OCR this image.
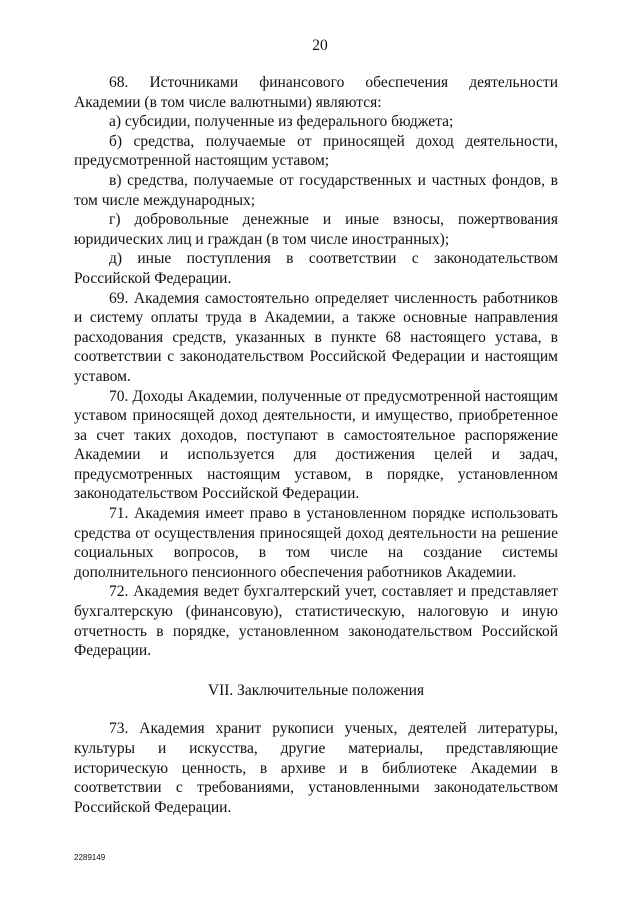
20

68. Источниками финансового обеспечения деятельности Академии (в том числе валютными) являются:

а) субсидии, полученные из федерального бюджета;

б) средства, получаемые от приносящей доход деятельности, предусмотренной настоящим уставом;

в) средства, получаемые от государственных и частных фондов, в том числе международных;

г) добровольные денежные и иные взносы, пожертвования юридических лиц и граждан (в том числе иностранных);

д) иные поступления в соответствии с законодательством Российской Федерации.

69. Академия самостоятельно определяет численность работников и систему оплаты труда в Академии, а также основные направления расходования средств, указанных в пункте 68 настоящего устава, в соответствии с законодательством Российской Федерации и настоящим уставом.

70. Доходы Академии, полученные от предусмотренной настоящим уставом приносящей доход деятельности, и имущество, приобретенное за счет таких доходов, поступают в самостоятельное распоряжение Академии и используется для достижения целей и задач, предусмотренных настоящим уставом, в порядке, установленном законодательством Российской Федерации.

71. Академия имеет право в установленном порядке использовать средства от осуществления приносящей доход деятельности на решение социальных вопросов, в том числе на создание системы дополнительного пенсионного обеспечения работников Академии.

72. Академия ведет бухгалтерский учет, составляет и представляет бухгалтерскую (финансовую), статистическую, налоговую и иную отчетность в порядке, установленном законодательством Российской Федерации.

VII. Заключительные положения

73. Академия хранит рукописи ученых, деятелей литературы, культуры и искусства, другие материалы, представляющие историческую ценность, в архиве и в библиотеке Академии в соответствии с требованиями, установленными законодательством Российской Федерации.

2289149
